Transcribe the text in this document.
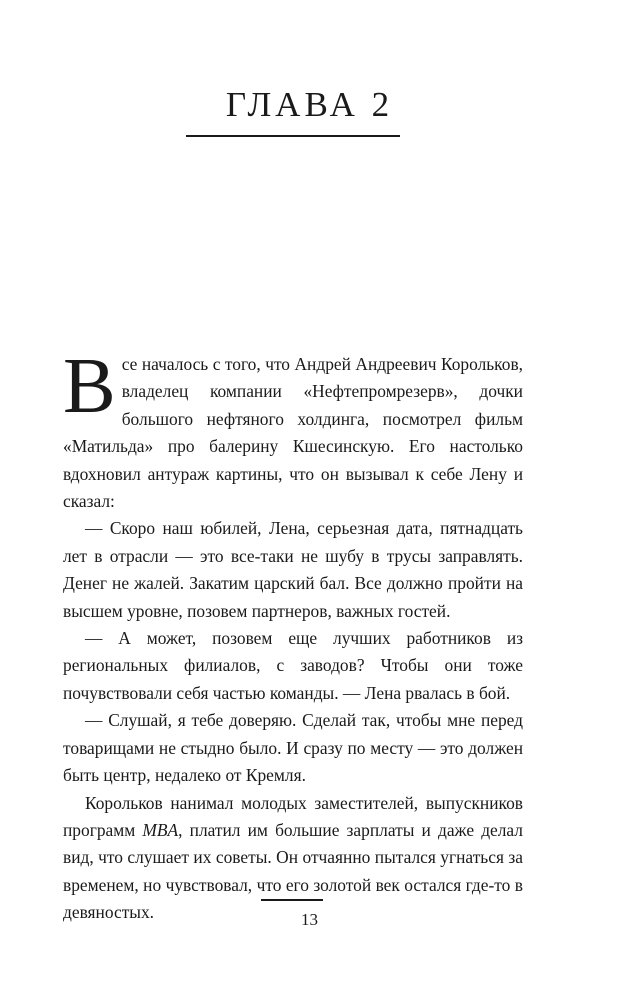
ГЛАВА 2

Все началось с того, что Андрей Андреевич Корольков, владелец компании «Нефтепромрезерв», дочки большого нефтяного холдинга, посмотрел фильм «Матильда» про балерину Кшесинскую. Его настолько вдохновил антураж картины, что он вызывал к себе Лену и сказал:

— Скоро наш юбилей, Лена, серьезная дата, пятнадцать лет в отрасли — это все-таки не шубу в трусы заправлять. Денег не жалей. Закатим царский бал. Все должно пройти на высшем уровне, позовем партнеров, важных гостей.

— А может, позовем еще лучших работников из региональных филиалов, с заводов? Чтобы они тоже почувствовали себя частью команды. — Лена рвалась в бой.

— Слушай, я тебе доверяю. Сделай так, чтобы мне перед товарищами не стыдно было. И сразу по месту — это должен быть центр, недалеко от Кремля.

Корольков нанимал молодых заместителей, выпускников программ MBA, платил им большие зарплаты и даже делал вид, что слушает их советы. Он отчаянно пытался угнаться за временем, но чувствовал, что его золотой век остался где-то в девяностых.	13
